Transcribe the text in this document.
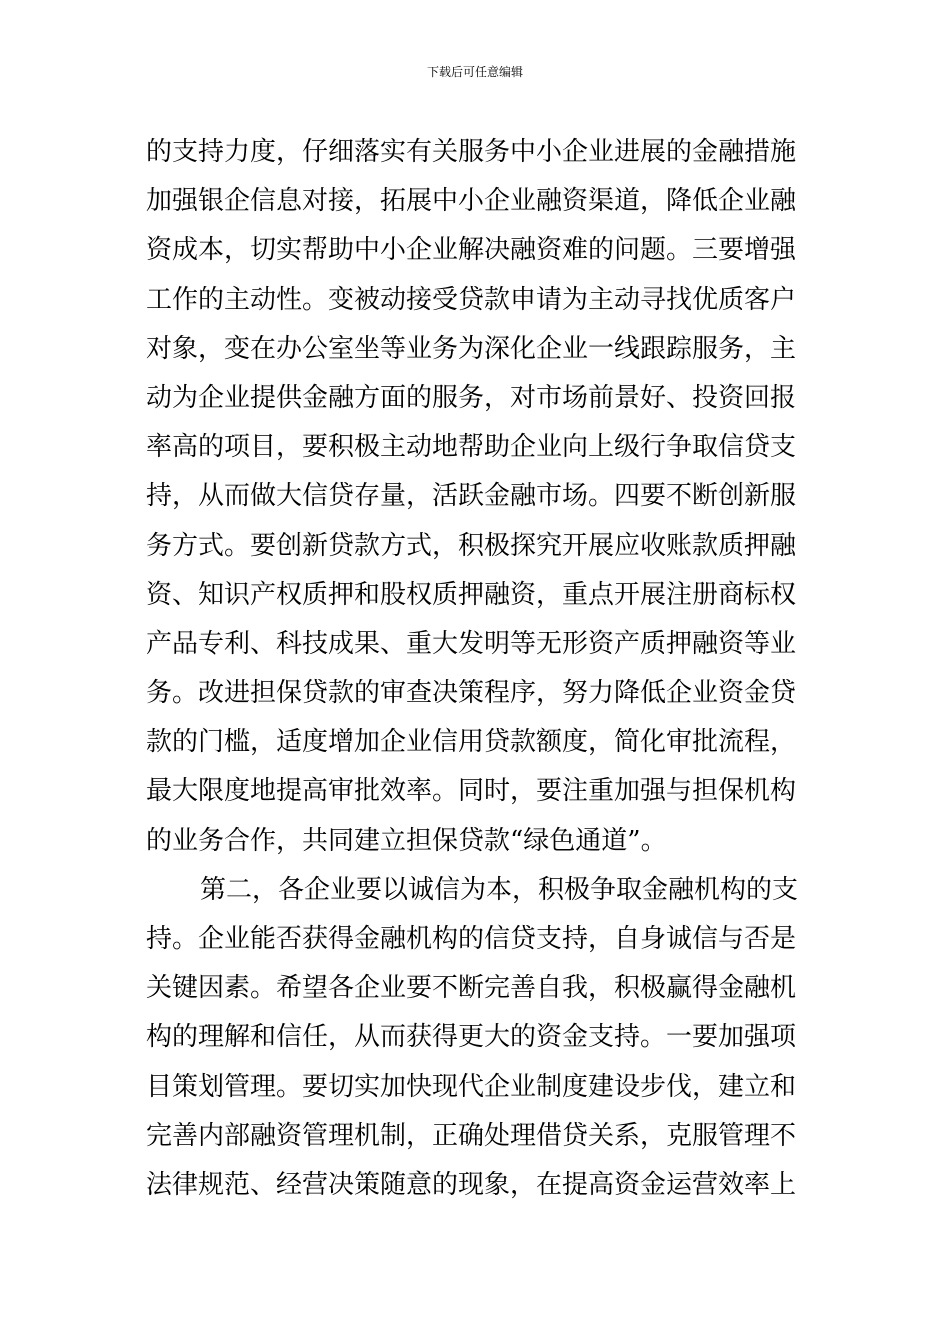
下载后可任意编辑
的支持力度，仔细落实有关服务中小企业进展的金融措施
加强银企信息对接，拓展中小企业融资渠道，降低企业融
资成本，切实帮助中小企业解决融资难的问题。三要增强
工作的主动性。变被动接受贷款申请为主动寻找优质客户
对象，变在办公室坐等业务为深化企业一线跟踪服务，主
动为企业提供金融方面的服务，对市场前景好、投资回报
率高的项目，要积极主动地帮助企业向上级行争取信贷支
持，从而做大信贷存量，活跃金融市场。四要不断创新服
务方式。要创新贷款方式，积极探究开展应收账款质押融
资、知识产权质押和股权质押融资，重点开展注册商标权
产品专利、科技成果、重大发明等无形资产质押融资等业
务。改进担保贷款的审查决策程序，努力降低企业资金贷
款的门槛，适度增加企业信用贷款额度，简化审批流程，
最大限度地提高审批效率。同时，要注重加强与担保机构
的业务合作，共同建立担保贷款“绿色通道”。
第二，各企业要以诚信为本，积极争取金融机构的支
持。企业能否获得金融机构的信贷支持，自身诚信与否是
关键因素。希望各企业要不断完善自我，积极赢得金融机
构的理解和信任，从而获得更大的资金支持。一要加强项
目策划管理。要切实加快现代企业制度建设步伐，建立和
完善内部融资管理机制，正确处理借贷关系，克服管理不
法律规范、经营决策随意的现象，在提高资金运营效率上
